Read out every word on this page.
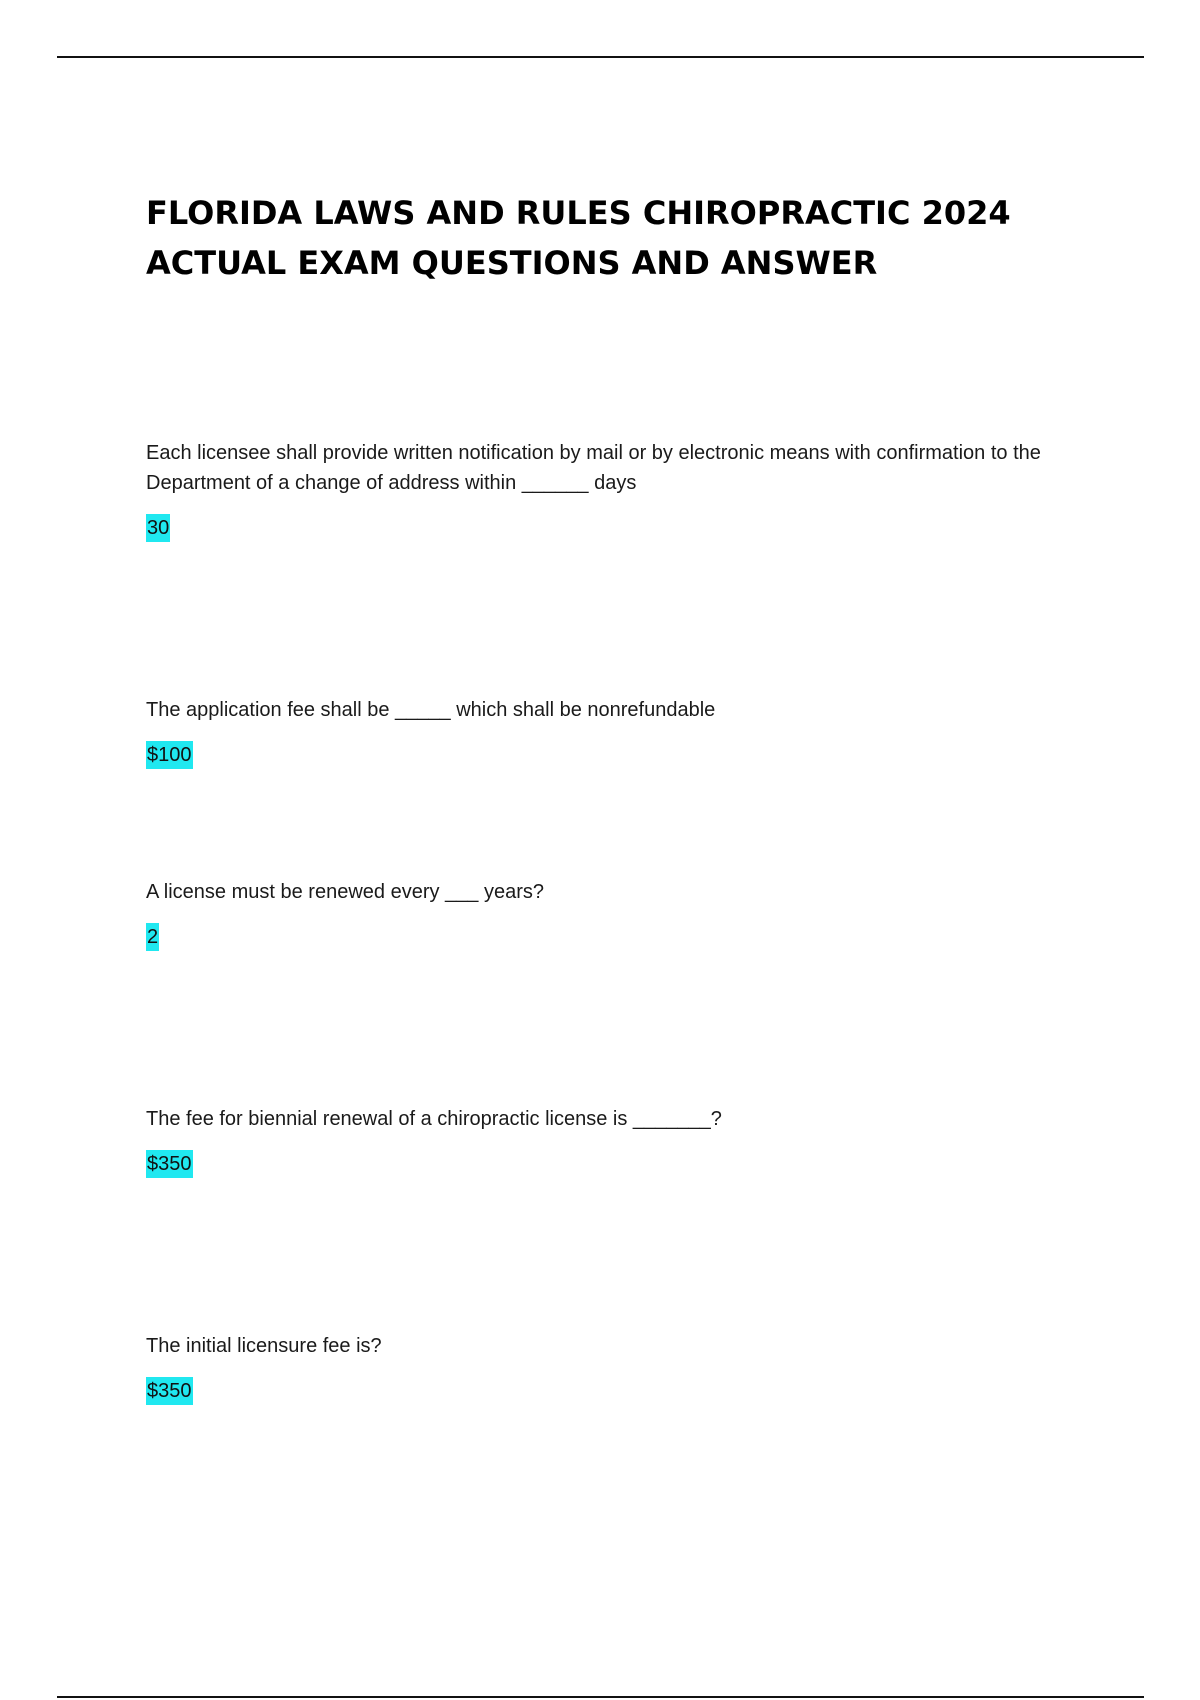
FLORIDA LAWS AND RULES CHIROPRACTIC 2024
ACTUAL EXAM QUESTIONS AND ANSWER

Each licensee shall provide written notification by mail or by electronic means with confirmation to the Department of a change of address within ______ days

30

The application fee shall be _____ which shall be nonrefundable

$100

A license must be renewed every ___ years?

2

The fee for biennial renewal of a chiropractic license is _______?

$350

The initial licensure fee is?

$350
